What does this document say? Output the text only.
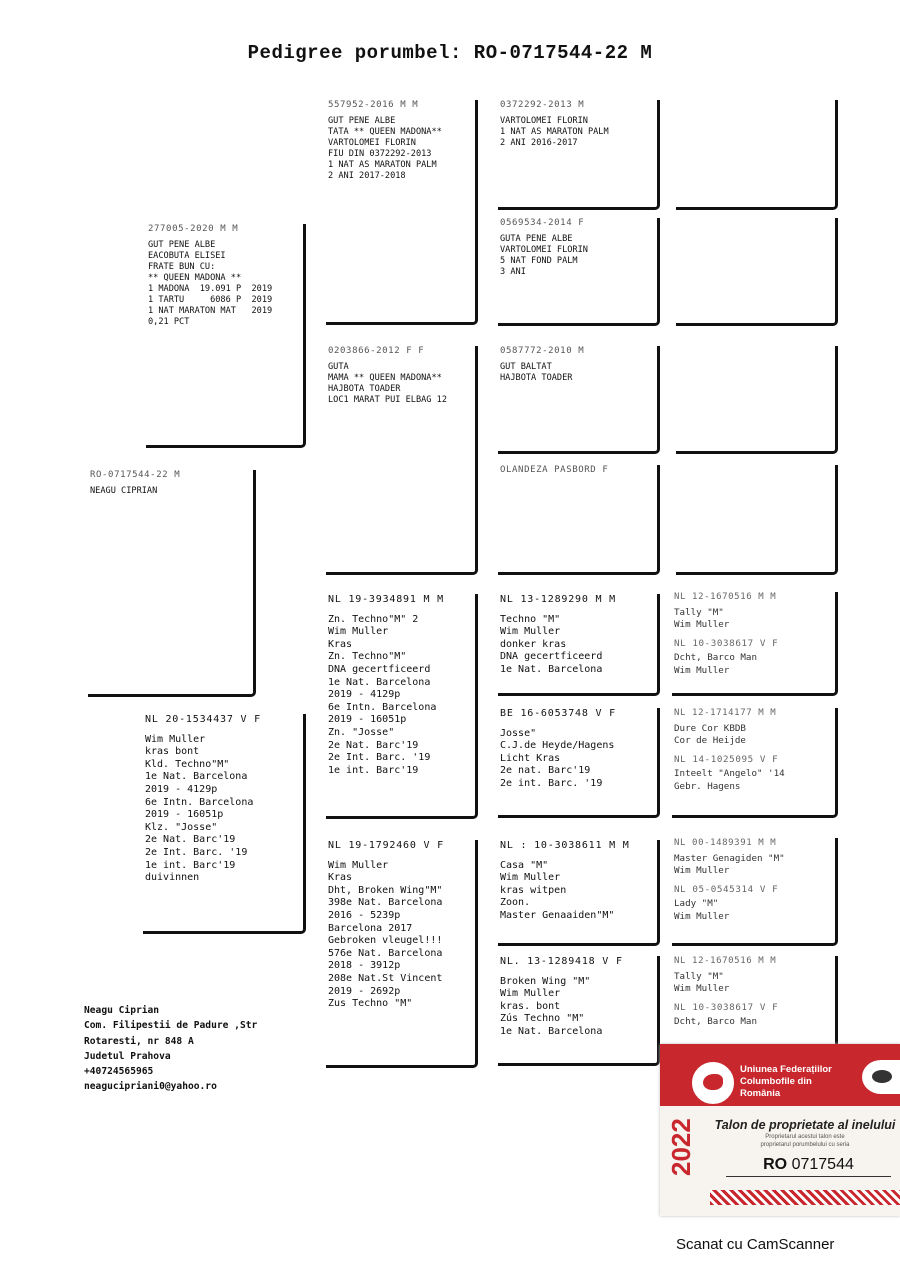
Pedigree porumbel: RO-0717544-22 M
RO-0717544-22 M
NEAGU CIPRIAN
277005-2020 M M
GUT PENE ALBE
EACOBUTA ELISEI
FRATE BUN CU:
** QUEEN MADONA **
1 MADONA  19.091 P  2019
1 TARTU     6086 P  2019
1 NAT MARATON MAT   2019
0,21 PCT
NL 20-1534437 V F
Wim Muller
kras bont
Kld. Techno"M"
1e Nat. Barcelona
2019 - 4129p
6e Intn. Barcelona
2019 - 16051p
Klz. "Josse"
2e Nat. Barc'19
2e Int. Barc. '19
1e int. Barc'19
duivinnen
557952-2016 M M
GUT PENE ALBE
TATA ** QUEEN MADONA**
VARTOLOMEI FLORIN
FIU DIN 0372292-2013
1 NAT AS MARATON PALM
2 ANI 2017-2018
0203866-2012 F F
GUTA
MAMA ** QUEEN MADONA**
HAJBOTA TOADER
LOC1 MARAT PUI ELBAG 12
NL 19-3934891 M M
Zn. Techno"M" 2
Wim Muller
Kras
Zn. Techno"M"
DNA gecertficeerd
1e Nat. Barcelona
2019 - 4129p
6e Intn. Barcelona
2019 - 16051p
Zn. "Josse"
2e Nat. Barc'19
2e Int. Barc. '19
1e int. Barc'19
NL 19-1792460 V F
Wim Muller
Kras
Dht, Broken Wing"M"
398e Nat. Barcelona
2016 - 5239p
Barcelona 2017
Gebroken vleugel!!!
576e Nat. Barcelona
2018 - 3912p
208e Nat.St Vincent
2019 - 2692p
Zus Techno "M"
0372292-2013 M
VARTOLOMEI FLORIN
1 NAT AS MARATON PALM
2 ANI 2016-2017
0569534-2014 F
GUTA PENE ALBE
VARTOLOMEI FLORIN
5 NAT FOND PALM
3 ANI
0587772-2010 M
GUT BALTAT
HAJBOTA TOADER
OLANDEZA PASBORD F
NL 13-1289290 M M
Techno "M"
Wim Muller
donker kras
DNA gecertficeerd
1e Nat. Barcelona
BE 16-6053748 V F
Josse"
C.J.de Heyde/Hagens
Licht Kras
2e nat. Barc'19
2e int. Barc. '19
NL : 10-3038611 M M
Casa "M"
Wim Muller
kras witpen
Zoon.
Master Genaaiden"M"
NL. 13-1289418 V F
Broken Wing "M"
Wim Muller
kras. bont
Zús Techno "M"
1e Nat. Barcelona
NL 12-1670516 M M
Tally "M"
Wim Muller
NL 10-3038617 V F
Dcht, Barco Man
Wim Muller
NL 12-1714177 M M
Dure Cor KBDB
Cor de Heijde
NL 14-1025095 V F
Inteelt "Angelo" '14
Gebr. Hagens
NL 00-1489391 M M
Master Genagiden "M"
Wim Muller
NL 05-0545314 V F
Lady "M"
Wim Muller
NL 12-1670516 M M
Tally "M"
Wim Muller
NL 10-3038617 V F
Dcht, Barco Man
Neagu Ciprian
Com. Filipestii de Padure ,Str
Rotaresti, nr 848 A
Judetul Prahova
+40724565965
neagucipriani0@yahoo.ro
Uniunea Federațiilor
Columbofile din România
2022	Talon de proprietate al inelului
Proprietarul acestui talon este
proprietarul porumbelului cu seria
RO 0717544
Scanat cu CamScanner
